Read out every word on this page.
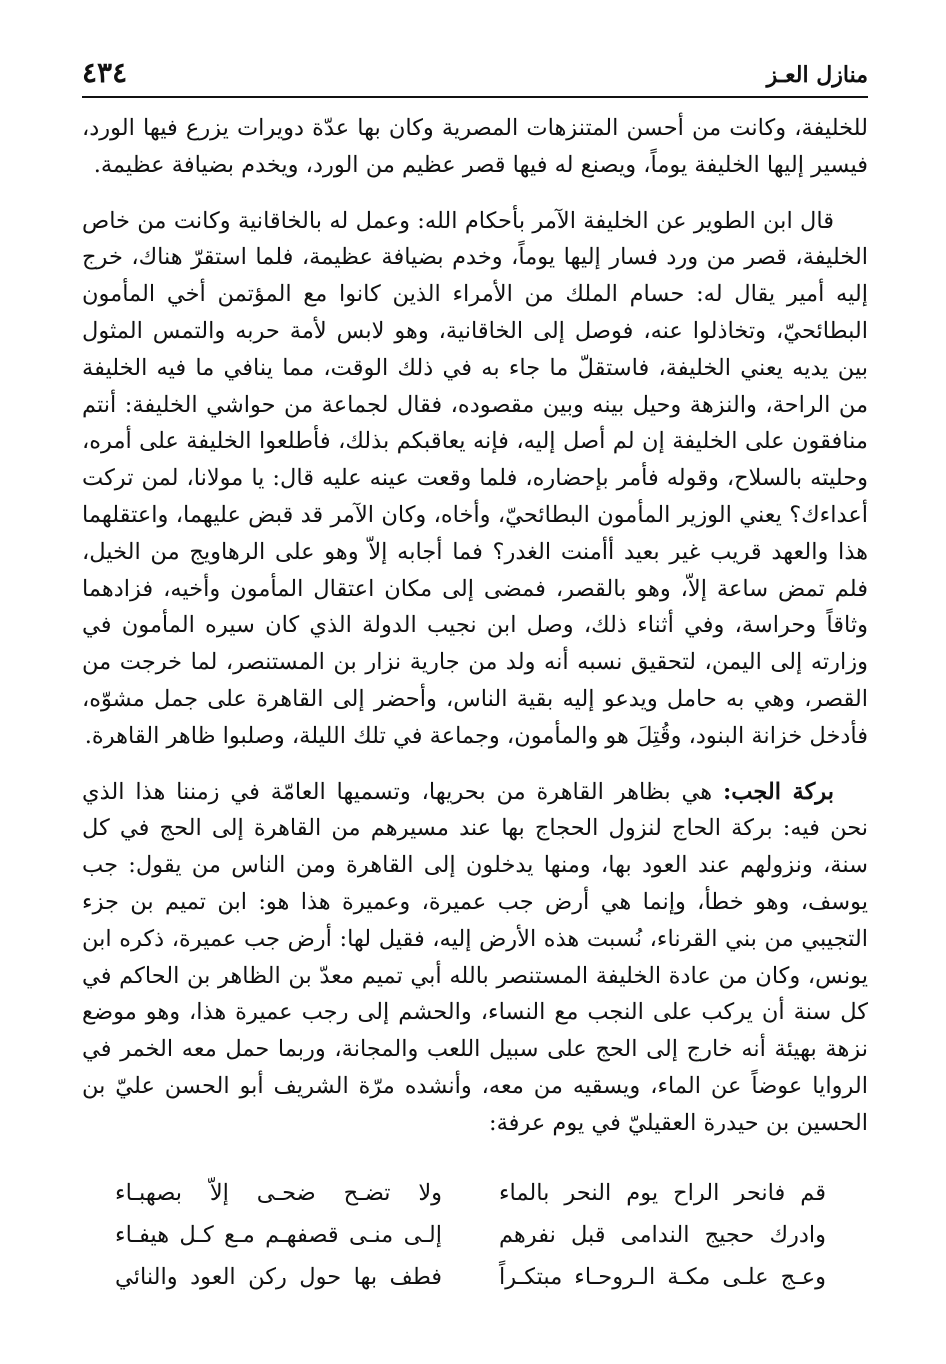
٤٣٤	منازل العـز

للخليفة، وكانت من أحسن المتنزهات المصرية وكان بها عدّة دويرات يزرع فيها الورد، فيسير إليها الخليفة يوماً، ويصنع له فيها قصر عظيم من الورد، ويخدم بضيافة عظيمة.

قال ابن الطوير عن الخليفة الآمر بأحكام الله: وعمل له بالخاقانية وكانت من خاص الخليفة، قصر من ورد فسار إليها يوماً، وخدم بضيافة عظيمة، فلما استقرّ هناك، خرج إليه أمير يقال له: حسام الملك من الأمراء الذين كانوا مع المؤتمن أخي المأمون البطائحيّ، وتخاذلوا عنه، فوصل إلى الخاقانية، وهو لابس لأمة حربه والتمس المثول بين يديه يعني الخليفة، فاستقلّ ما جاء به في ذلك الوقت، مما ينافي ما فيه الخليفة من الراحة، والنزهة وحيل بينه وبين مقصوده، فقال لجماعة من حواشي الخليفة: أنتم منافقون على الخليفة إن لم أصل إليه، فإنه يعاقبكم بذلك، فأطلعوا الخليفة على أمره، وحليته بالسلاح، وقوله فأمر بإحضاره، فلما وقعت عينه عليه قال: يا مولانا، لمن تركت أعداءك؟ يعني الوزير المأمون البطائحيّ، وأخاه، وكان الآمر قد قبض عليهما، واعتقلهما هذا والعهد قريب غير بعيد أأمنت الغدر؟ فما أجابه إلاّ وهو على الرهاويج من الخيل، فلم تمض ساعة إلاّ، وهو بالقصر، فمضى إلى مكان اعتقال المأمون وأخيه، فزادهما وثاقاً وحراسة، وفي أثناء ذلك، وصل ابن نجيب الدولة الذي كان سيره المأمون في وزارته إلى اليمن، لتحقيق نسبه أنه ولد من جارية نزار بن المستنصر، لما خرجت من القصر، وهي به حامل ويدعو إليه بقية الناس، وأحضر إلى القاهرة على جمل مشوّه، فأدخل خزانة البنود، وقُتِلَ هو والمأمون، وجماعة في تلك الليلة، وصلبوا ظاهر القاهرة.

بركة الجب: هي بظاهر القاهرة من بحريها، وتسميها العامّة في زمننا هذا الذي نحن فيه: بركة الحاج لنزول الحجاج بها عند مسيرهم من القاهرة إلى الحج في كل سنة، ونزولهم عند العود بها، ومنها يدخلون إلى القاهرة ومن الناس من يقول: جب يوسف، وهو خطأ، وإنما هي أرض جب عميرة، وعميرة هذا هو: ابن تميم بن جزء التجيبي من بني القرناء، نُسبت هذه الأرض إليه، فقيل لها: أرض جب عميرة، ذكره ابن يونس، وكان من عادة الخليفة المستنصر بالله أبي تميم معدّ بن الظاهر بن الحاكم في كل سنة أن يركب على النجب مع النساء، والحشم إلى رجب عميرة هذا، وهو موضع نزهة بهيئة أنه خارج إلى الحج على سبيل اللعب والمجانة، وربما حمل معه الخمر في الروايا عوضاً عن الماء، ويسقيه من معه، وأنشده مرّة الشريف أبو الحسن عليّ بن الحسين بن حيدرة العقيليّ في يوم عرفة:

قم فانحر الراح يوم النحر بالماء
ولا تضـح ضحـى إلاّ بصهبـاء
وادرك حجيج الندامى قبل نفرهم
إلـى منـى قصفهـم مـع كـل هيفـاء
وعـج علـى مكـة الـروحـاء مبتكـراً
فطف بها حول ركن العود والنائي
